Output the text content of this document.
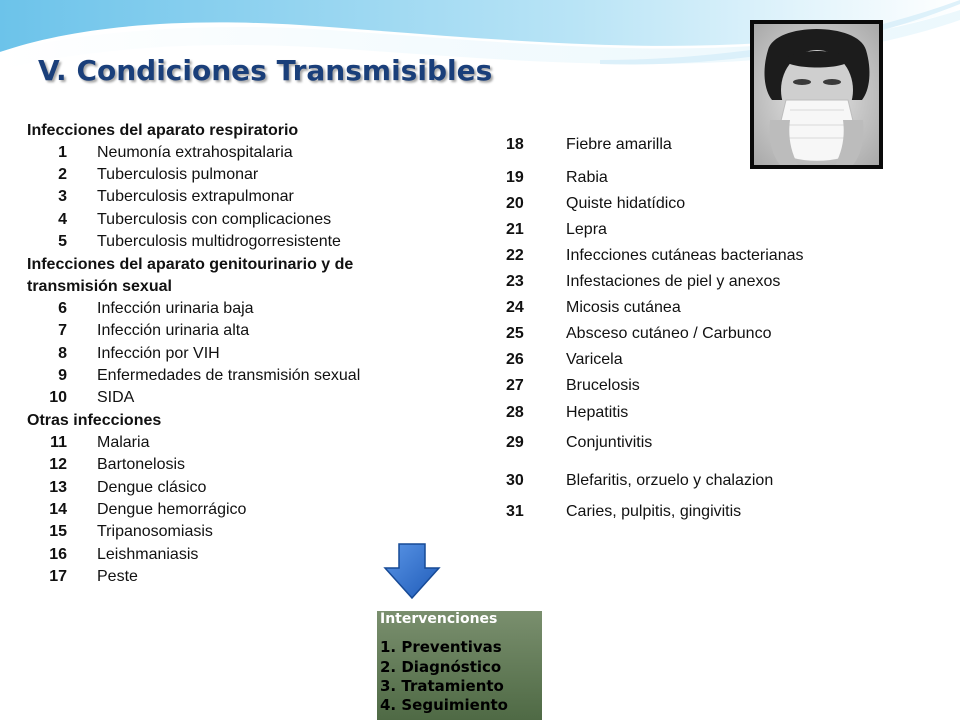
V. Condiciones Transmisibles
Infecciones del aparato respiratorio
Infecciones del aparato genitourinario y de
transmisión sexual
Otras infecciones
1 Neumonía extrahospitalaria
2 Tuberculosis pulmonar
3 Tuberculosis extrapulmonar
4 Tuberculosis con complicaciones
5 Tuberculosis multidrogorresistente
6 Infección urinaria baja
7 Infección urinaria alta
8 Infección por VIH
9 Enfermedades de transmisión sexual
10 SIDA
11 Malaria
12 Bartonelosis
13 Dengue clásico
14 Dengue hemorrágico
15 Tripanosomiasis
16 Leishmaniasis
17 Peste
18	Fiebre amarilla
19	Rabia
20	Quiste hidatídico
21	Lepra
22	Infecciones cutáneas bacterianas
23	Infestaciones de piel y anexos
24	Micosis cutánea
25	Absceso cutáneo / Carbunco
26	Varicela
27	Brucelosis
28	Hepatitis
29	Conjuntivitis
30	Blefaritis, orzuelo y chalazion
31	Caries, pulpitis, gingivitis
Intervenciones
1. Preventivas
2. Diagnóstico
3. Tratamiento
4. Seguimiento
